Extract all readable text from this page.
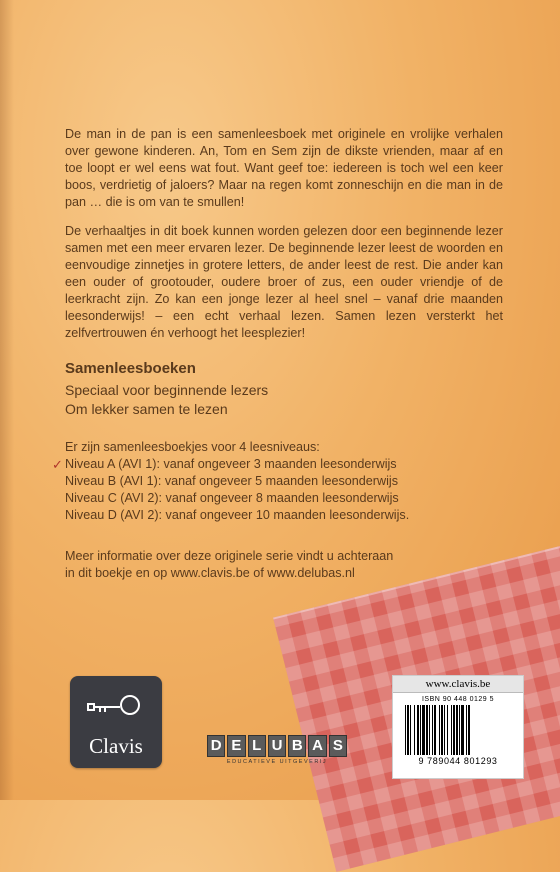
De man in de pan is een samenleesboek met originele en vrolijke verhalen over gewone kinderen. An, Tom en Sem zijn de dikste vrienden, maar af en toe loopt er wel eens wat fout. Want geef toe: iedereen is toch wel een keer boos, verdrietig of jaloers? Maar na regen komt zonneschijn en die man in de pan … die is om van te smullen!

De verhaaltjes in dit boek kunnen worden gelezen door een beginnende lezer samen met een meer ervaren lezer. De beginnende lezer leest de woorden en eenvoudige zinnetjes in grotere letters, de ander leest de rest. Die ander kan een ouder of grootouder, oudere broer of zus, een ouder vriendje of de leerkracht zijn. Zo kan een jonge lezer al heel snel – vanaf drie maanden leesonderwijs! – een echt verhaal lezen. Samen lezen versterkt het zelfvertrouwen én verhoogt het leesplezier!

Samenleesboeken

Speciaal voor beginnende lezers

Om lekker samen te lezen

Er zijn samenleesboekjes voor 4 leesniveaus:

✓ Niveau A (AVI 1): vanaf ongeveer 3 maanden leesonderwijs
Niveau B (AVI 1): vanaf ongeveer 5 maanden leesonderwijs
Niveau C (AVI 2): vanaf ongeveer 8 maanden leesonderwijs
Niveau D (AVI 2): vanaf ongeveer 10 maanden leesonderwijs.

Meer informatie over deze originele serie vindt u achteraan
in dit boekje en op www.clavis.be of www.delubas.nl

Clavis	D E L U B A S
EDUCATIEVE UITGEVERIJ
www.clavis.be
ISBN 90 448 0129 5
9 789044 801293
